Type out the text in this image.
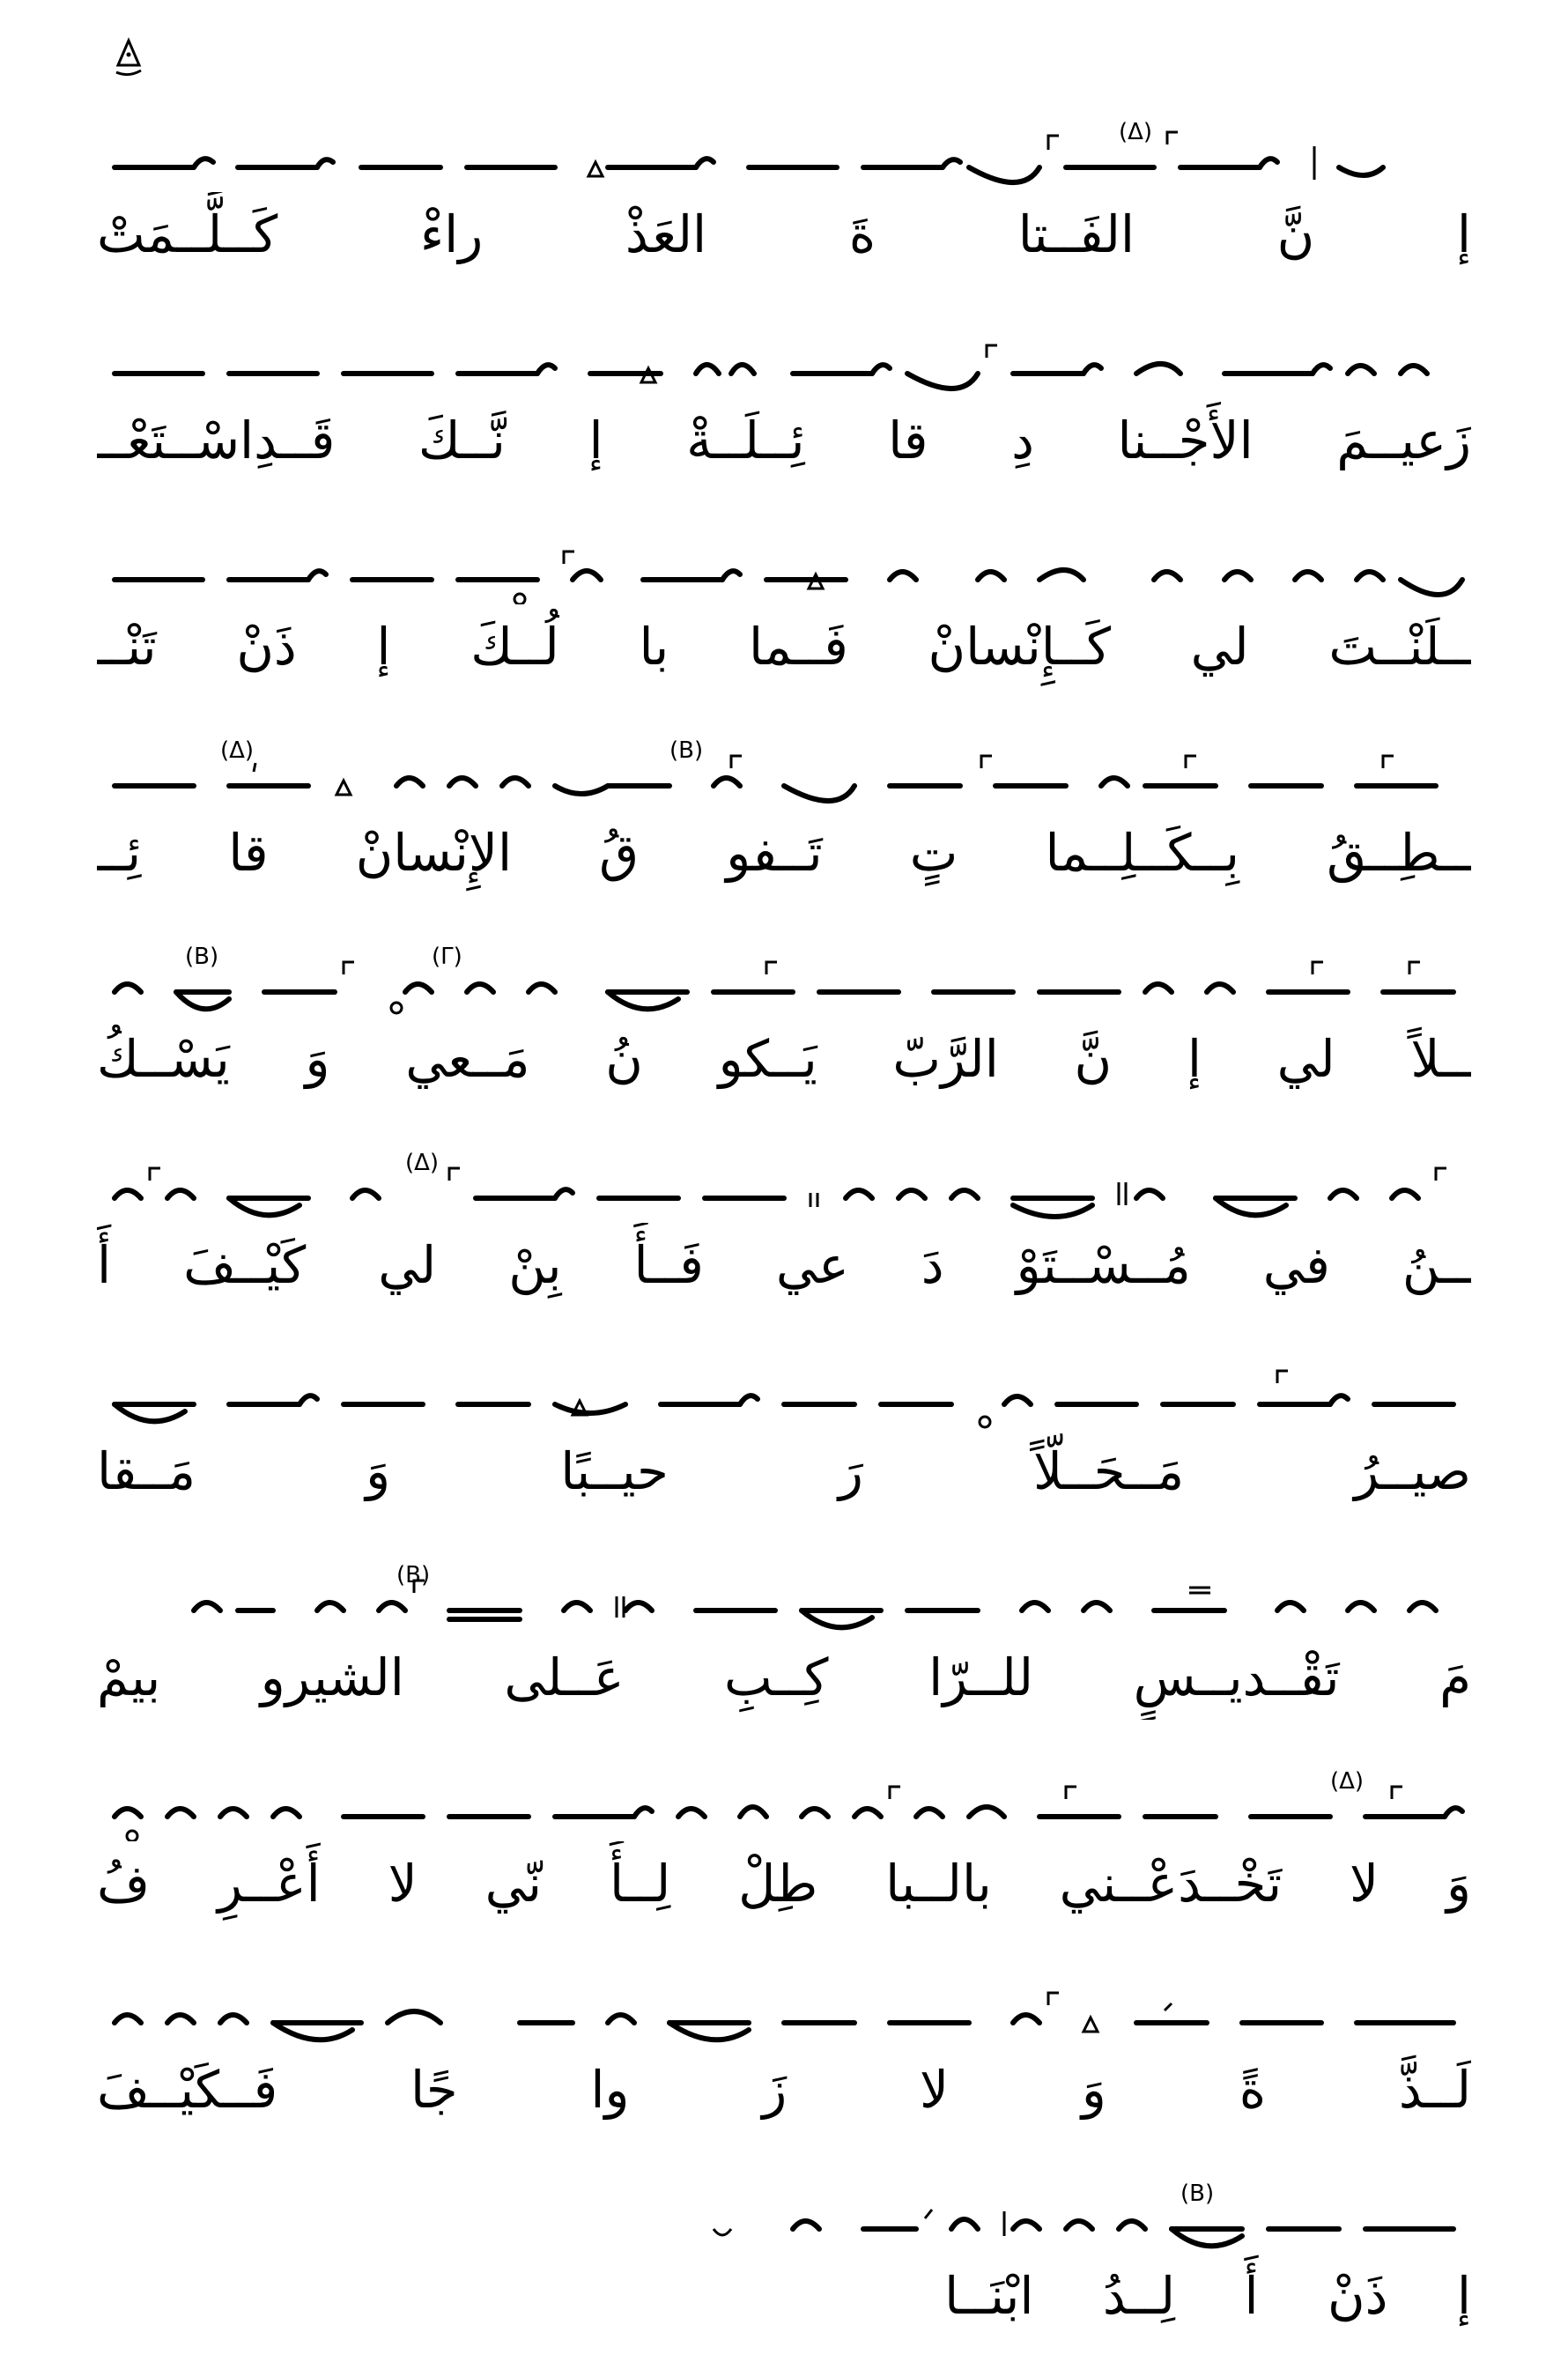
(Δ)
إ نَّ الفَــتا ةَ العَذْ راءْ كَــلَّــمَتْ
زَعيــمَ الأَجْــنا دِ قا ئِــلَــةْ إ نَّــكَ قَــدِاسْــتَعْــ
ــلَنْــتَ لي كَــإِنْسانْ فَــما با لُــكَ إ ذَنْ تَنْــ
(Δ)	(B)
ــطِــقُ بِــكَــلِــما تٍ تَــفو قُ الإِنْسانْ قا ئِــ
(B)	(Γ)
ــلاً لي إ نَّ الرَّبّ يَــكو نُ مَــعي وَ يَسْــكُ
(Δ)
ــنُ في مُــسْــتَوْ دَ عي فَــأَ بِنْ لي كَيْــفَ أَ
صيــرُ مَــحَــلّاً رَ حيــبًا وَ مَــقا
(B)
مَ تَقْــديــسٍ للــرّا كِــبِ عَــلى الشيرو بيمْ
(Δ)
وَ لا تَخْــدَعْــني بالــبا طِلْ لِــأَ نّي لا أَعْــرِ فُ
لَــذَّ ةً وَ لا زَ وا جًا فَــكَيْــفَ
(B)
إ ذَنْ أَ لِــدُ ابْنَــا
